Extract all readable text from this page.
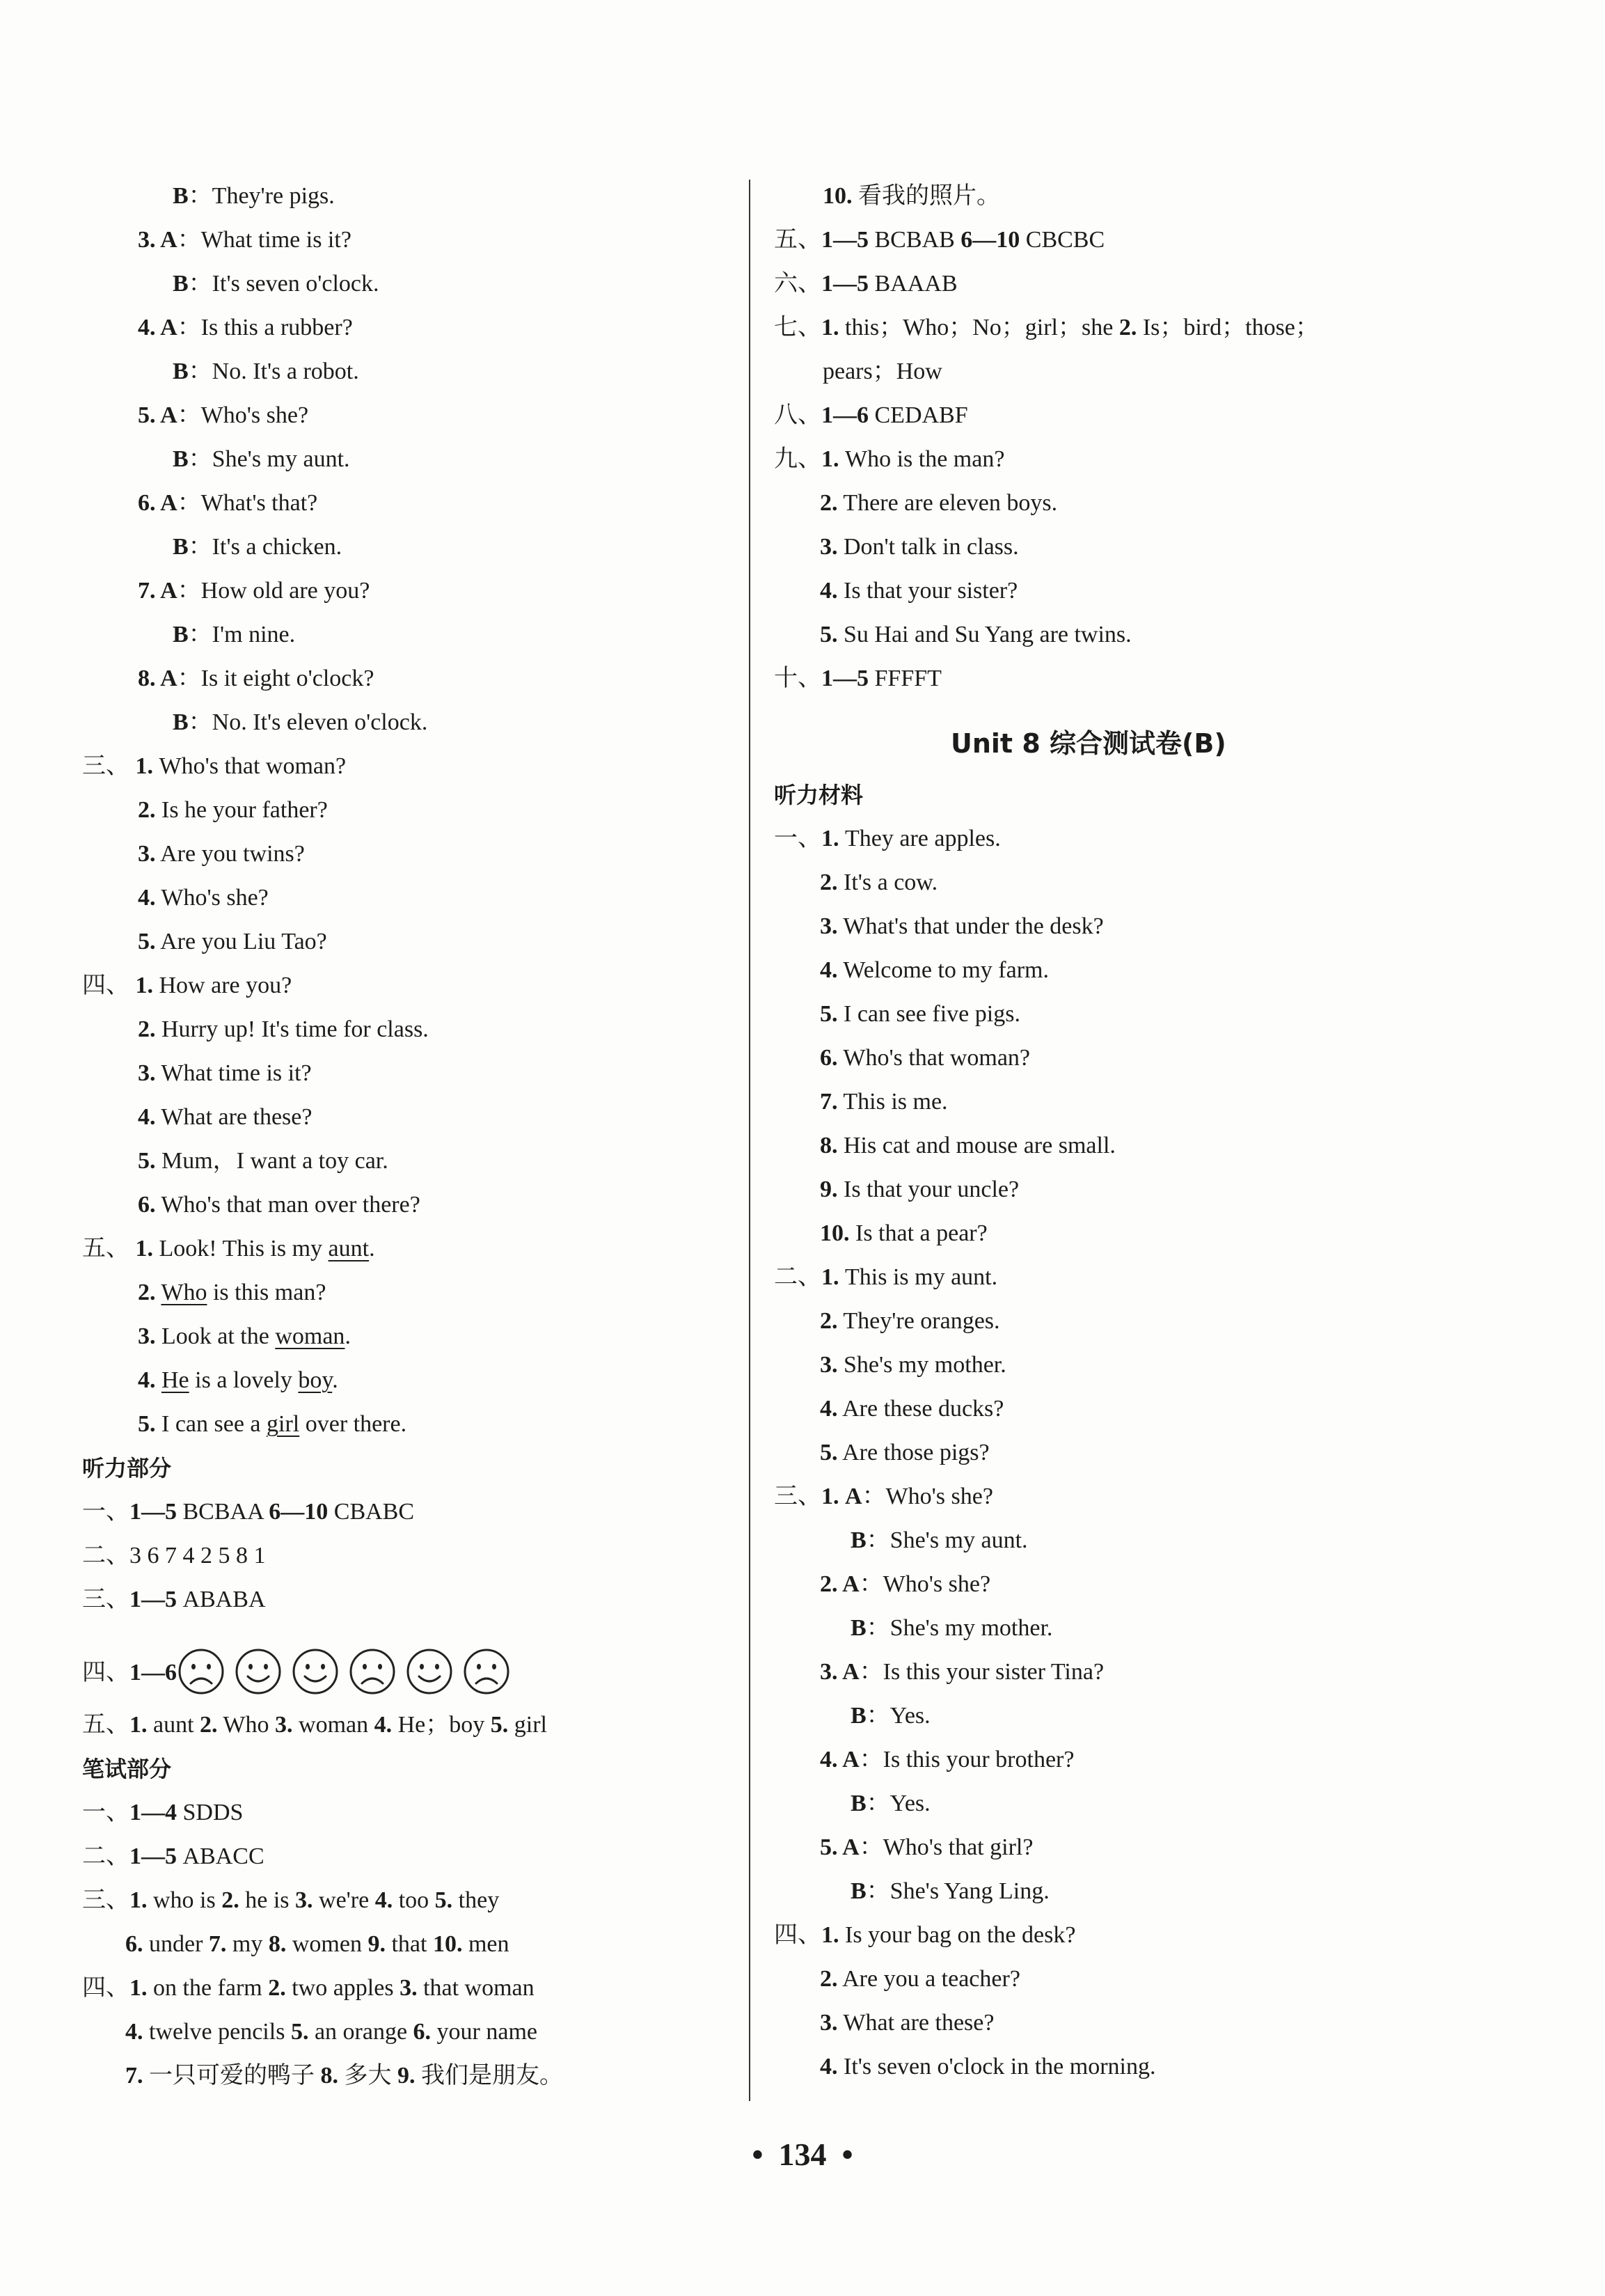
B：They're pigs.
3. A：What time is it?
B：It's seven o'clock.
4. A：Is this a rubber?
B：No. It's a robot.
5. A：Who's she?
B：She's my aunt.
6. A：What's that?
B：It's a chicken.
7. A：How old are you?
B：I'm nine.
8. A：Is it eight o'clock?
B：No. It's eleven o'clock.
三、 1. Who's that woman?
2. Is he your father?
3. Are you twins?
4. Who's she?
5. Are you Liu Tao?
四、 1. How are you?
2. Hurry up! It's time for class.
3. What time is it?
4. What are these?
5. Mum，I want a toy car.
6. Who's that man over there?
五、 1. Look! This is my aunt.
2. Who is this man?
3. Look at the woman.
4. He is a lovely boy.
5. I can see a girl over there.
听力部分
一、1—5 BCBAA 6—10 CBABC
二、3 6 7 4 2 5 8 1
三、1—5 ABABA
四、1—6
五、1. aunt 2. Who 3. woman 4. He；boy 5. girl
笔试部分
一、1—4 SDDS
二、1—5 ABACC
三、1. who is 2. he is 3. we're 4. too 5. they
6. under 7. my 8. women 9. that 10. men
四、1. on the farm 2. two apples 3. that woman
4. twelve pencils 5. an orange 6. your name
7. 一只可爱的鸭子 8. 多大 9. 我们是朋友。
10. 看我的照片。
五、1—5 BCBAB 6—10 CBCBC
六、1—5 BAAAB
七、1. this；Who；No；girl；she 2. Is；bird；those；
pears；How
八、1—6 CEDABF
九、1. Who is the man?
2. There are eleven boys.
3. Don't talk in class.
4. Is that your sister?
5. Su Hai and Su Yang are twins.
十、1—5 FFFFT
听力材料
一、1. They are apples.
2. It's a cow.
3. What's that under the desk?
4. Welcome to my farm.
5. I can see five pigs.
6. Who's that woman?
7. This is me.
8. His cat and mouse are small.
9. Is that your uncle?
10. Is that a pear?
二、1. This is my aunt.
2. They're oranges.
3. She's my mother.
4. Are these ducks?
5. Are those pigs?
三、1. A：Who's she?
B：She's my aunt.
2. A：Who's she?
B：She's my mother.
3. A：Is this your sister Tina?
B：Yes.
4. A：Is this your brother?
B：Yes.
5. A：Who's that girl?
B：She's Yang Ling.
四、1. Is your bag on the desk?
2. Are you a teacher?
3. What are these?
4. It's seven o'clock in the morning.
Unit 8 综合测试卷(B)
• 134 •
